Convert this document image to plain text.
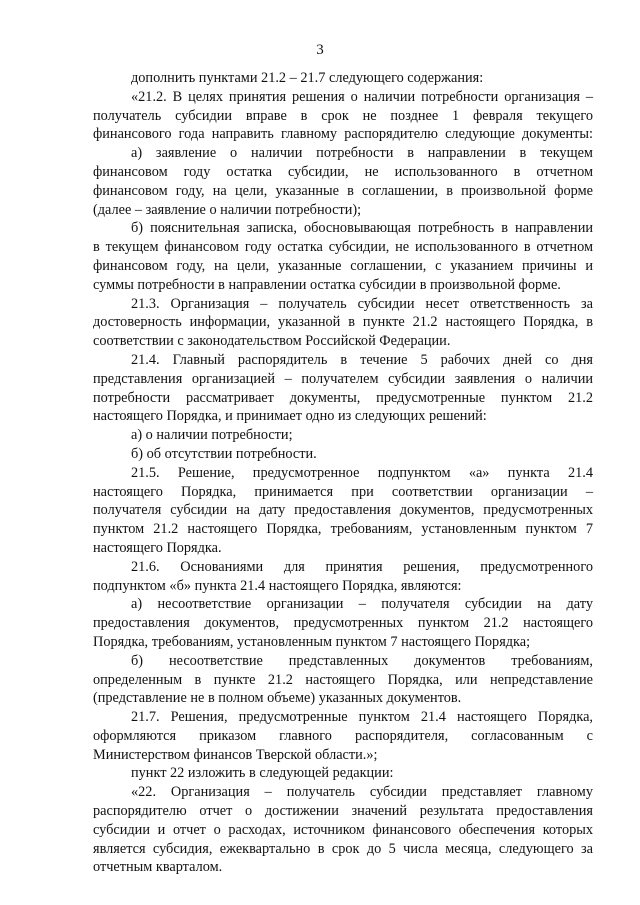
3
дополнить пунктами 21.2 – 21.7 следующего содержания:
«21.2. В целях принятия решения о наличии потребности организация –
получатель субсидии вправе в срок не позднее 1 февраля текущего
финансового года направить главному распорядителю следующие документы:
а) заявление о наличии потребности в направлении в текущем
финансовом году остатка субсидии, не использованного в отчетном
финансовом году, на цели, указанные в соглашении, в произвольной форме
(далее – заявление о наличии потребности);
б) пояснительная записка, обосновывающая потребность в направлении
в текущем финансовом году остатка субсидии, не использованного в отчетном
финансовом году, на цели, указанные соглашении, с указанием причины и
суммы потребности в направлении остатка субсидии в произвольной форме.
21.3. Организация – получатель субсидии несет ответственность за
достоверность информации, указанной в пункте 21.2 настоящего Порядка, в
соответствии с законодательством Российской Федерации.
21.4. Главный распорядитель в течение 5 рабочих дней со дня
представления организацией – получателем субсидии заявления о наличии
потребности рассматривает документы, предусмотренные пунктом 21.2
настоящего Порядка, и принимает одно из следующих решений:
а) о наличии потребности;
б) об отсутствии потребности.
21.5. Решение, предусмотренное подпунктом «а» пункта 21.4
настоящего Порядка, принимается при соответствии организации –
получателя субсидии на дату предоставления документов, предусмотренных
пунктом 21.2 настоящего Порядка, требованиям, установленным пунктом 7
настоящего Порядка.
21.6. Основаниями для принятия решения, предусмотренного
подпунктом «б» пункта 21.4 настоящего Порядка, являются:
а) несоответствие организации – получателя субсидии на дату
предоставления документов, предусмотренных пунктом 21.2 настоящего
Порядка, требованиям, установленным пунктом 7 настоящего Порядка;
б) несоответствие представленных документов требованиям,
определенным в пункте 21.2 настоящего Порядка, или непредставление
(представление не в полном объеме) указанных документов.
21.7. Решения, предусмотренные пунктом 21.4 настоящего Порядка,
оформляются приказом главного распорядителя, согласованным с
Министерством финансов Тверской области.»;
пункт 22 изложить в следующей редакции:
«22. Организация – получатель субсидии представляет главному
распорядителю отчет о достижении значений результата предоставления
субсидии и отчет о расходах, источником финансового обеспечения которых
является субсидия, ежеквартально в срок до 5 числа месяца, следующего за
отчетным кварталом.
